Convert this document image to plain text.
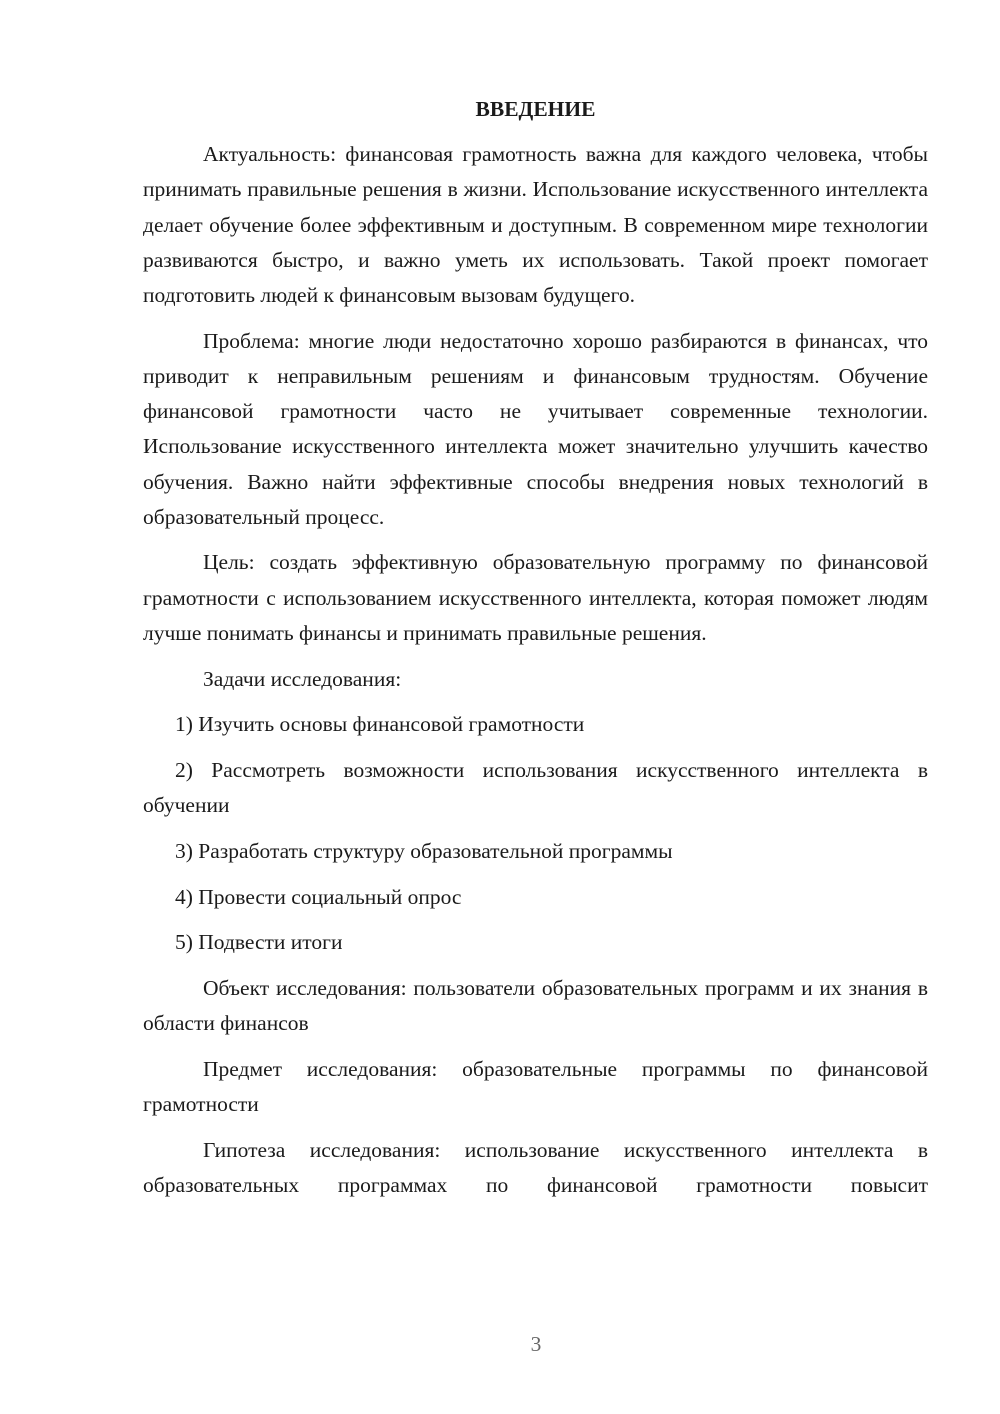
ВВЕДЕНИЕ

Актуальность: финансовая грамотность важна для каждого человека, чтобы принимать правильные решения в жизни. Использование искусственного интеллекта делает обучение более эффективным и доступным. В современном мире технологии развиваются быстро, и важно уметь их использовать. Такой проект помогает подготовить людей к финансовым вызовам будущего.

Проблема: многие люди недостаточно хорошо разбираются в финансах, что приводит к неправильным решениям и финансовым трудностям. Обучение финансовой грамотности часто не учитывает современные технологии. Использование искусственного интеллекта может значительно улучшить качество обучения. Важно найти эффективные способы внедрения новых технологий в образовательный процесс.

Цель: создать эффективную образовательную программу по финансовой грамотности с использованием искусственного интеллекта, которая поможет людям лучше понимать финансы и принимать правильные решения.

Задачи исследования:

1) Изучить основы финансовой грамотности

2) Рассмотреть возможности использования искусственного интеллекта в обучении

3) Разработать структуру образовательной программы

4) Провести социальный опрос

5) Подвести итоги

Объект исследования: пользователи образовательных программ и их знания в области финансов

Предмет исследования: образовательные программы по финансовой грамотности

Гипотеза исследования: использование искусственного интеллекта в образовательных программах по финансовой грамотности повысит

3
